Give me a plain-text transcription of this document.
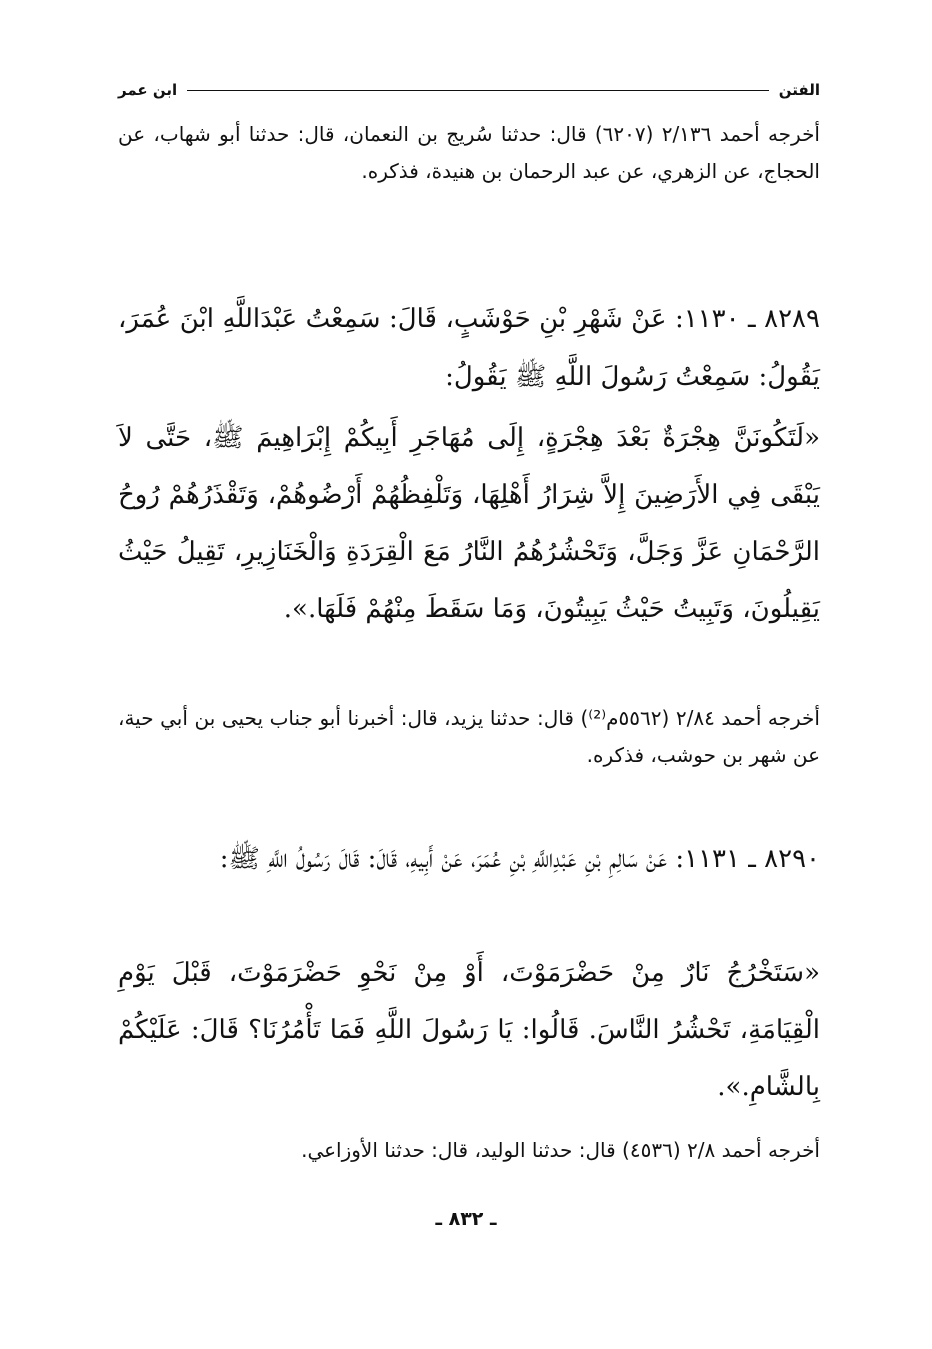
الفتن
ابن عمر

أخرجه أحمد ٢/١٣٦ (٦٢٠٧) قال: حدثنا سُريج بن النعمان، قال: حدثنا أبو شهاب، عن الحجاج، عن الزهري، عن عبد الرحمان بن هنيدة، فذكره.

٨٢٨٩ ـ ١١٣٠: عَنْ شَهْرِ بْنِ حَوْشَبٍ، قَالَ: سَمِعْتُ عَبْدَاللَّهِ ابْنَ عُمَرَ، يَقُولُ: سَمِعْتُ رَسُولَ اللَّهِ ﷺ يَقُولُ:

«لَتَكُونَنَّ هِجْرَةٌ بَعْدَ هِجْرَةٍ، إِلَى مُهَاجَرِ أَبِيكُمْ إِبْرَاهِيمَ ﷺ، حَتَّى لاَ يَبْقَى فِي الأَرَضِينَ إِلاَّ شِرَارُ أَهْلِهَا، وَتَلْفِظُهُمْ أَرْضُوهُمْ، وَتَقْذَرُهُمْ رُوحُ الرَّحْمَانِ عَزَّ وَجَلَّ، وَتَحْشُرُهُمُ النَّارُ مَعَ الْقِرَدَةِ وَالْخَنَازِيرِ، تَقِيلُ حَيْثُ يَقِيلُونَ، وَتَبِيتُ حَيْثُ يَبِيتُونَ، وَمَا سَقَطَ مِنْهُمْ فَلَهَا.».

أخرجه أحمد ٢/٨٤ (٥٥٦٢م⁽²⁾) قال: حدثنا يزيد، قال: أخبرنا أبو جناب يحيى بن أبي حية، عن شهر بن حوشب، فذكره.

٨٢٩٠ ـ ١١٣١: عَنْ سَالِمِ بْنِ عَبْدِاللَّهِ بْنِ عُمَرَ، عَنْ أَبِيهِ، قَالَ: قَالَ رَسُولُ اللَّهِ ﷺ:

«سَتَخْرُجُ نَارٌ مِنْ حَضْرَمَوْتَ، أَوْ مِنْ نَحْوِ حَضْرَمَوْتَ، قَبْلَ يَوْمِ الْقِيَامَةِ، تَحْشُرُ النَّاسَ. قَالُوا: يَا رَسُولَ اللَّهِ فَمَا تَأْمُرُنَا؟ قَالَ: عَلَيْكُمْ بِالشَّامِ.».

أخرجه أحمد ٢/٨ (٤٥٣٦) قال: حدثنا الوليد، قال: حدثنا الأوزاعي.

ـ ٨٣٢ ـ
